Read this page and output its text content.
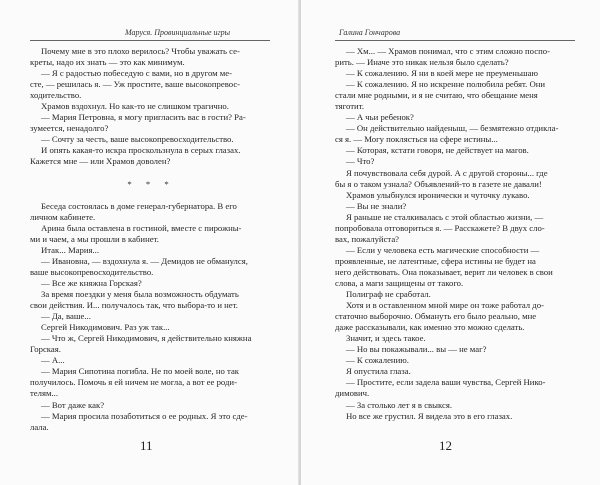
Маруся. Провинциальные игры
Почему мне в это плохо верилось? Чтобы уважать се-
креты, надо их знать — это как минимум.
— Я с радостью побеседую с вами, но в другом ме-
сте, — решилась я. — Уж простите, ваше высокопревос-
ходительство.
Храмов вздохнул. Но как-то не слишком трагично.
— Мария Петровна, я могу пригласить вас в гости? Ра-
зумеется, ненадолго?
— Сочту за честь, ваше высокопревосходительство.
И опять какая-то искра проскользнула в серых глазах.
Кажется мне — или Храмов доволен?
* * *
Беседа состоялась в доме генерал-губернатора. В его
личном кабинете.
Арина была оставлена в гостиной, вместе с пирожны-
ми и чаем, а мы прошли в кабинет.
Итак... Мария...
— Ивановна, — вздохнула я. — Демидов не обманулся,
ваше высокопревосходительство.
— Все же княжна Горская?
За время поездки у меня была возможность обдумать
свои действия. И... получалось так, что выбора-то и нет.
— Да, ваше...
Сергей Никодимович. Раз уж так...
— Что ж, Сергей Никодимович, я действительно княжна
Горская.
— А...
— Мария Сипотина погибла. Не по моей воле, но так
получилось. Помочь я ей ничем не могла, а вот ее роди-
телям...
— Вот даже как?
— Мария просила позаботиться о ее родных. Я это сде-
лала.
11
Галина Гончарова
— Хм... — Храмов понимал, что с этим сложно поспо-
рить. — Иначе это никак нельзя было сделать?
— К сожалению. Я ни в коей мере не преуменьшаю
— К сожалению. Я но искренне полюбила ребят. Они
стали мне родными, и я не считаю, что обещание меня
тяготит.
— А чьи ребенок?
— Он действительно найденыш, — безмятежно отдикла-
ся я. — Могу поклясться на сфере истины...
— Которая, кстати говоря, не действует на магов.
— Что?
Я почувствовала себя дурой. А с другой стороны... где
бы я о таком узнала? Объявлений-то в газете не давали!
Храмов улыбнулся иронически и чуточку лукаво.
— Вы не знали?
Я раньше не сталкивалась с этой областью жизни, —
попробовала отговориться я. — Расскажете? В двух сло-
вах, пожалуйста?
— Если у человека есть магические способности —
проявленные, не латентные, сфера истины не будет на
него действовать. Она показывает, верит ли человек в свои
слова, а маги защищены от такого.
Полиграф не сработал.
Хотя и в оставленном мной мире он тоже работал до-
статочно выборочно. Обмануть его было реально, мне
даже рассказывали, как именно это можно сделать.
Значит, и здесь такое.
— Но вы покажывали... вы — не маг?
— К сожалению.
Я опустила глаза.
— Простите, если задела ваши чувства, Сергей Нико-
димович.
— За столько лет я в свыкся.
Но все же грустил. Я видела это в его глазах.
12
